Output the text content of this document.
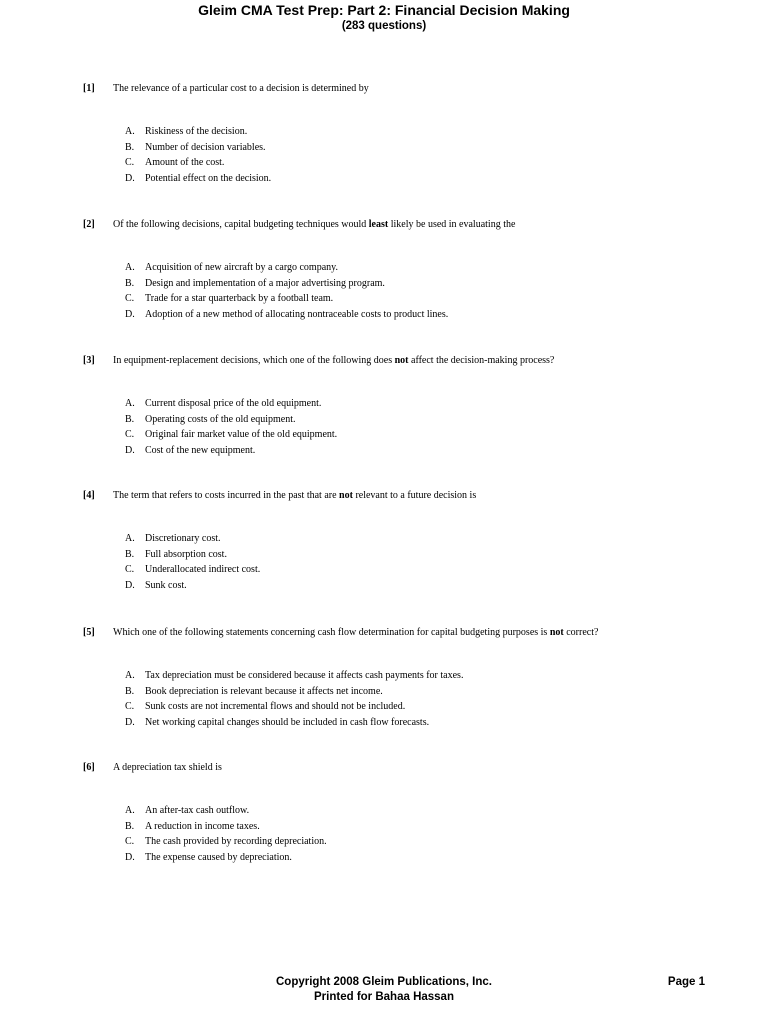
Gleim CMA Test Prep: Part 2: Financial Decision Making
(283 questions)
[1] The relevance of a particular cost to a decision is determined by
A. Riskiness of the decision.
B. Number of decision variables.
C. Amount of the cost.
D. Potential effect on the decision.
[2] Of the following decisions, capital budgeting techniques would least likely be used in evaluating the
A. Acquisition of new aircraft by a cargo company.
B. Design and implementation of a major advertising program.
C. Trade for a star quarterback by a football team.
D. Adoption of a new method of allocating nontraceable costs to product lines.
[3] In equipment-replacement decisions, which one of the following does not affect the decision-making process?
A. Current disposal price of the old equipment.
B. Operating costs of the old equipment.
C. Original fair market value of the old equipment.
D. Cost of the new equipment.
[4] The term that refers to costs incurred in the past that are not relevant to a future decision is
A. Discretionary cost.
B. Full absorption cost.
C. Underallocated indirect cost.
D. Sunk cost.
[5] Which one of the following statements concerning cash flow determination for capital budgeting purposes is not correct?
A. Tax depreciation must be considered because it affects cash payments for taxes.
B. Book depreciation is relevant because it affects net income.
C. Sunk costs are not incremental flows and should not be included.
D. Net working capital changes should be included in cash flow forecasts.
[6] A depreciation tax shield is
A. An after-tax cash outflow.
B. A reduction in income taxes.
C. The cash provided by recording depreciation.
D. The expense caused by depreciation.
Copyright 2008 Gleim Publications, Inc.
Printed for Bahaa Hassan
Page 1
